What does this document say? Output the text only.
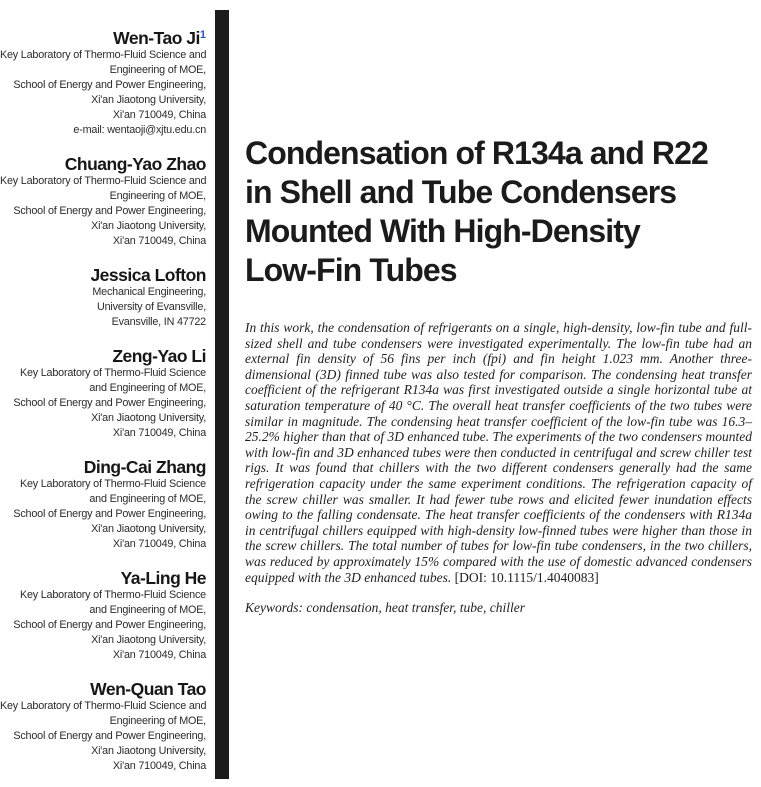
Wen-Tao Ji$^1$
Key Laboratory of Thermo-Fluid Science and
Engineering of MOE,
School of Energy and Power Engineering,
Xi'an Jiaotong University,
Xi'an 710049, China
e-mail: wentaoji@xjtu.edu.cn
Chuang-Yao Zhao
Key Laboratory of Thermo-Fluid Science and
Engineering of MOE,
School of Energy and Power Engineering,
Xi'an Jiaotong University,
Xi'an 710049, China
Jessica Lofton
Mechanical Engineering,
University of Evansville,
Evansville, IN 47722
Zeng-Yao Li
Key Laboratory of Thermo-Fluid Science
and Engineering of MOE,
School of Energy and Power Engineering,
Xi'an Jiaotong University,
Xi'an 710049, China
Ding-Cai Zhang
Key Laboratory of Thermo-Fluid Science
and Engineering of MOE,
School of Energy and Power Engineering,
Xi'an Jiaotong University,
Xi'an 710049, China
Ya-Ling He
Key Laboratory of Thermo-Fluid Science
and Engineering of MOE,
School of Energy and Power Engineering,
Xi'an Jiaotong University,
Xi'an 710049, China
Wen-Quan Tao
Key Laboratory of Thermo-Fluid Science and
Engineering of MOE,
School of Energy and Power Engineering,
Xi'an Jiaotong University,
Xi'an 710049, China
Condensation of R134a and R22
in Shell and Tube Condensers
Mounted With High-Density
Low-Fin Tubes

In this work, the condensation of refrigerants on a single, high-density, low-fin tube and full-sized shell and tube condensers were investigated experimentally. The low-fin tube had an external fin density of 56 fins per inch (fpi) and fin height 1.023 mm. Another three-dimensional (3D) finned tube was also tested for comparison. The condensing heat transfer coefficient of the refrigerant R134a was first investigated outside a single horizontal tube at saturation temperature of 40 °C. The overall heat transfer coefficients of the two tubes were similar in magnitude. The condensing heat transfer coefficient of the low-fin tube was 16.3–25.2% higher than that of 3D enhanced tube. The experiments of the two condensers mounted with low-fin and 3D enhanced tubes were then conducted in centrifugal and screw chiller test rigs. It was found that chillers with the two different condensers generally had the same refrigeration capacity under the same experiment conditions. The refrigeration capacity of the screw chiller was smaller. It had fewer tube rows and elicited fewer inundation effects owing to the falling condensate. The heat transfer coefficients of the condensers with R134a in centrifugal chillers equipped with high-density low-finned tubes were higher than those in the screw chillers. The total number of tubes for low-fin tube condensers, in the two chillers, was reduced by approximately 15% compared with the use of domestic advanced condensers equipped with the 3D enhanced tubes. [DOI: 10.1115/1.4040083]

Keywords: condensation, heat transfer, tube, chiller
